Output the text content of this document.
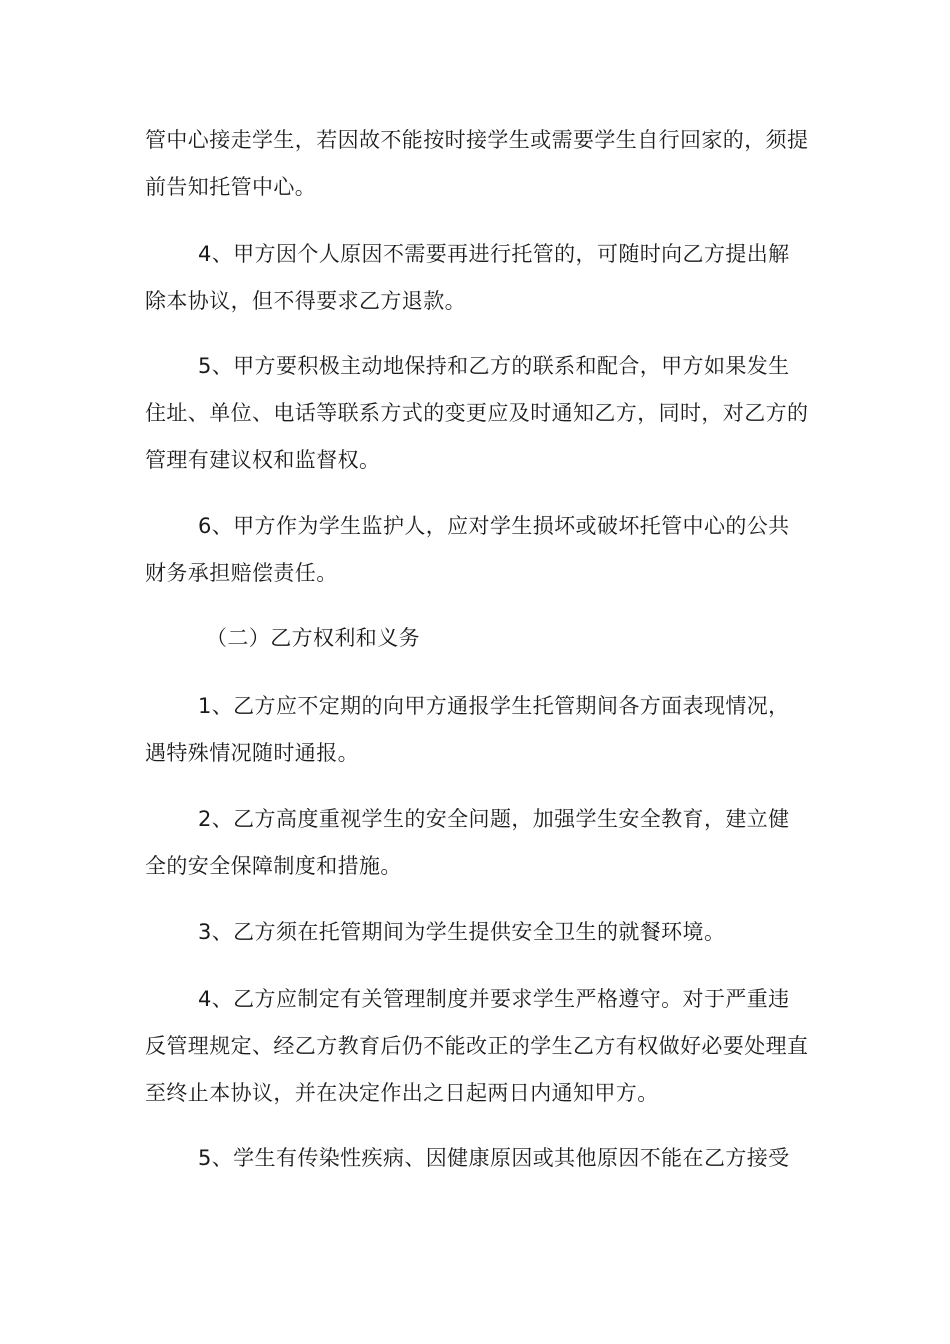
管中心接走学生，若因故不能按时接学生或需要学生自行回家的，须提
前告知托管中心。
4、甲方因个人原因不需要再进行托管的，可随时向乙方提出解
除本协议，但不得要求乙方退款。
5、甲方要积极主动地保持和乙方的联系和配合，甲方如果发生
住址、单位、电话等联系方式的变更应及时通知乙方，同时，对乙方的
管理有建议权和监督权。
6、甲方作为学生监护人，应对学生损坏或破坏托管中心的公共
财务承担赔偿责任。
（二）乙方权利和义务
1、乙方应不定期的向甲方通报学生托管期间各方面表现情况，
遇特殊情况随时通报。
2、乙方高度重视学生的安全问题，加强学生安全教育，建立健
全的安全保障制度和措施。
3、乙方须在托管期间为学生提供安全卫生的就餐环境。
4、乙方应制定有关管理制度并要求学生严格遵守。对于严重违
反管理规定、经乙方教育后仍不能改正的学生乙方有权做好必要处理直
至终止本协议，并在决定作出之日起两日内通知甲方。
5、学生有传染性疾病、因健康原因或其他原因不能在乙方接受
